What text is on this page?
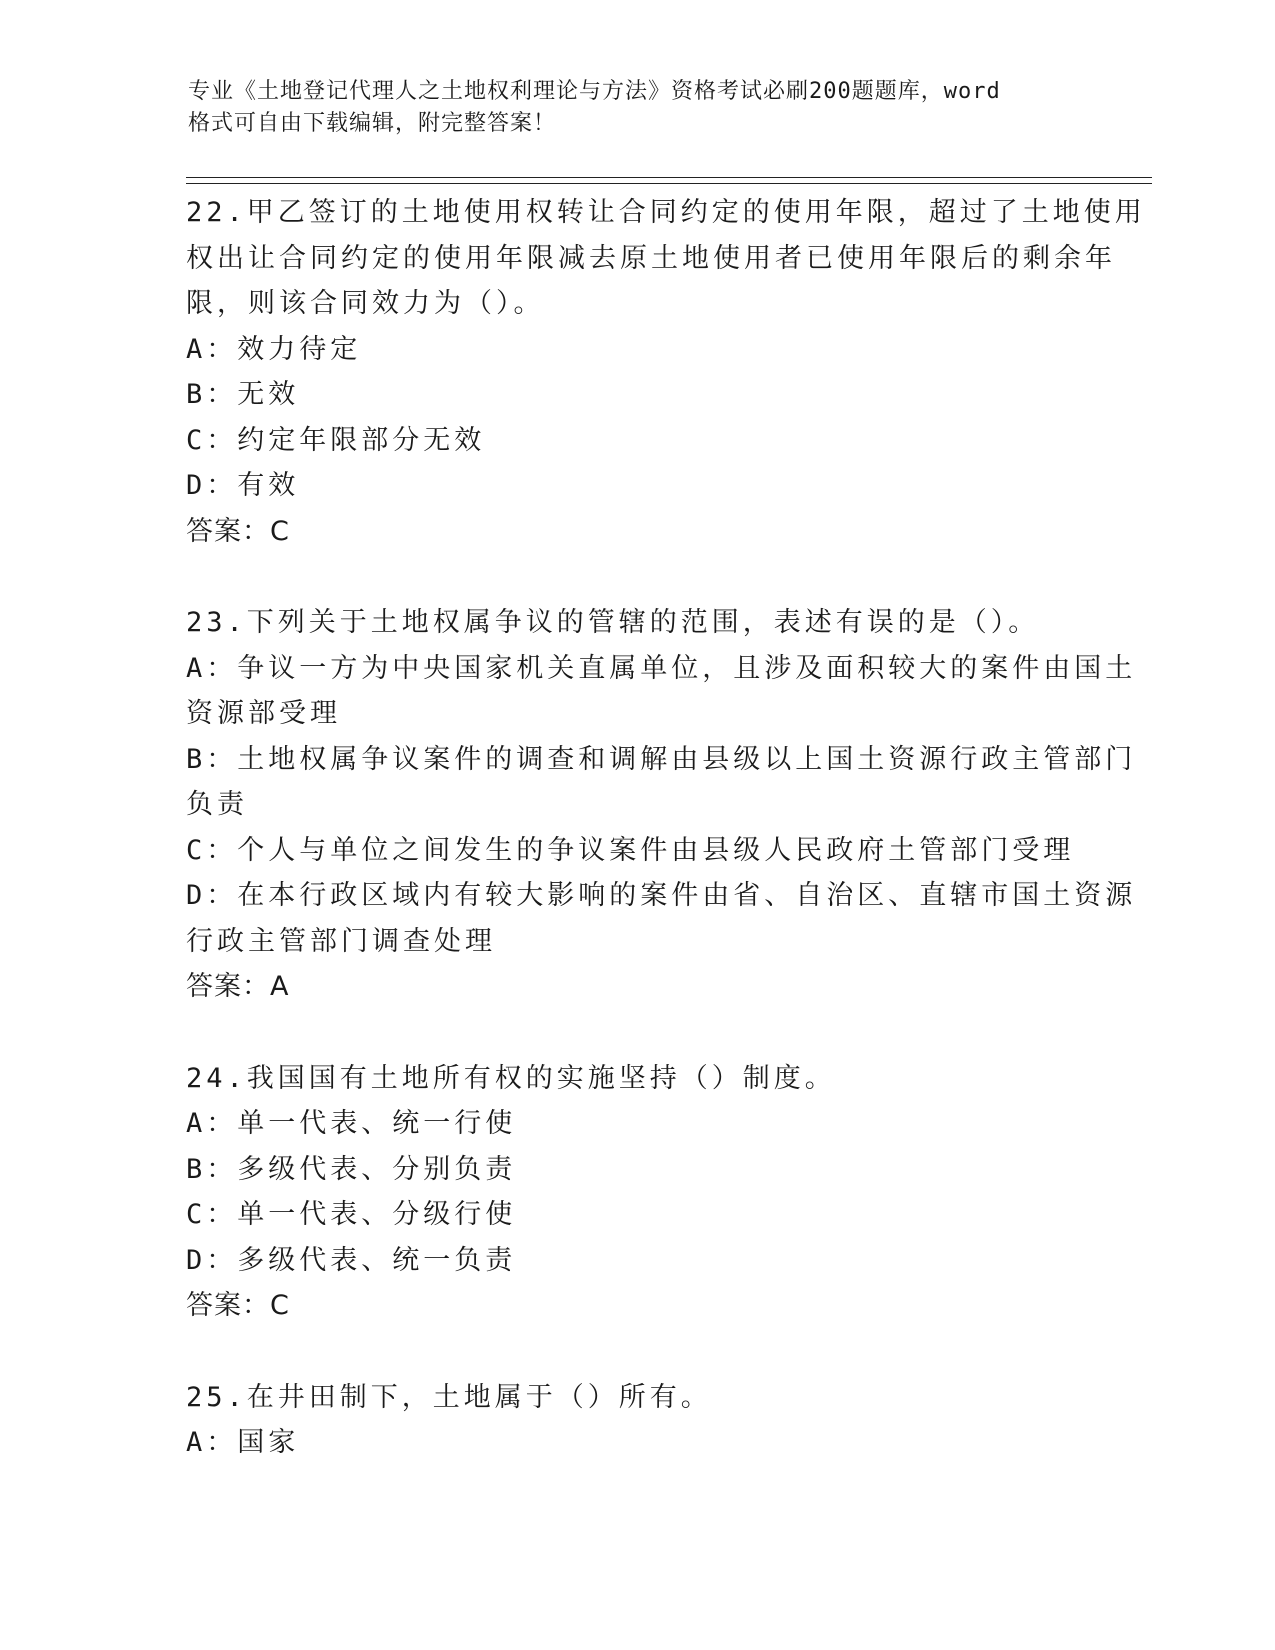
专业《土地登记代理人之土地权利理论与方法》资格考试必刷200题题库，word
格式可自由下载编辑，附完整答案！
22.甲乙签订的土地使用权转让合同约定的使用年限，超过了土地使用
权出让合同约定的使用年限减去原土地使用者已使用年限后的剩余年
限，则该合同效力为（）。
A：效力待定
B：无效
C：约定年限部分无效
D：有效
答案：C
23.下列关于土地权属争议的管辖的范围，表述有误的是（）。
A：争议一方为中央国家机关直属单位，且涉及面积较大的案件由国土
资源部受理
B：土地权属争议案件的调查和调解由县级以上国土资源行政主管部门
负责
C：个人与单位之间发生的争议案件由县级人民政府土管部门受理
D：在本行政区域内有较大影响的案件由省、自治区、直辖市国土资源
行政主管部门调查处理
答案：A
24.我国国有土地所有权的实施坚持（）制度。
A：单一代表、统一行使
B：多级代表、分别负责
C：单一代表、分级行使
D：多级代表、统一负责
答案：C
25.在井田制下，土地属于（）所有。
A：国家
